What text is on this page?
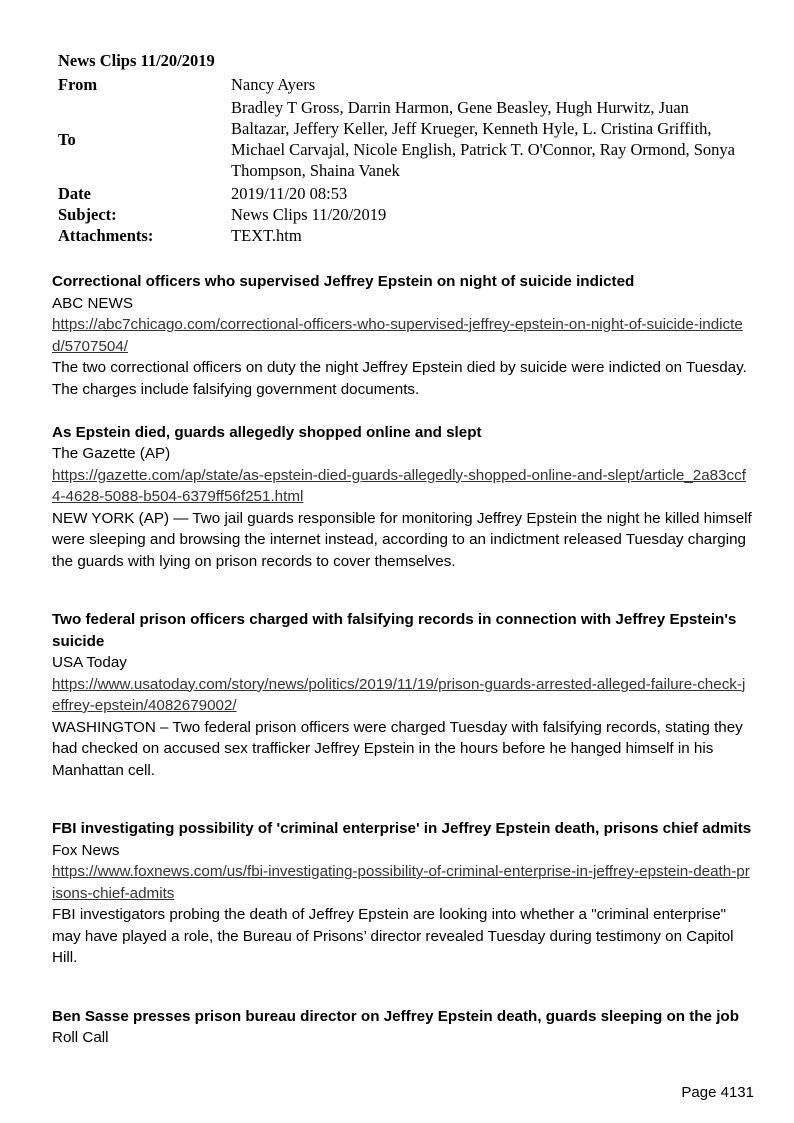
News Clips 11/20/2019
From	Nancy Ayers
To
Bradley T Gross, Darrin Harmon, Gene Beasley, Hugh Hurwitz, Juan Baltazar, Jeffery Keller, Jeff Krueger, Kenneth Hyle, L. Cristina Griffith, Michael Carvajal, Nicole English, Patrick T. O'Connor, Ray Ormond, Sonya Thompson, Shaina Vanek
Date	2019/11/20 08:53
Subject:	News Clips 11/20/2019
Attachments:	TEXT.htm
Correctional officers who supervised Jeffrey Epstein on night of suicide indicted
ABC NEWS
https://abc7chicago.com/correctional-officers-who-supervised-jeffrey-epstein-on-night-of-suicide-indicted/5707504/
The two correctional officers on duty the night Jeffrey Epstein died by suicide were indicted on Tuesday. The charges include falsifying government documents.
As Epstein died, guards allegedly shopped online and slept
The Gazette (AP)
https://gazette.com/ap/state/as-epstein-died-guards-allegedly-shopped-online-and-slept/article_2a83ccf4-4628-5088-b504-6379ff56f251.html
NEW YORK (AP) — Two jail guards responsible for monitoring Jeffrey Epstein the night he killed himself were sleeping and browsing the internet instead, according to an indictment released Tuesday charging the guards with lying on prison records to cover themselves.
Two federal prison officers charged with falsifying records in connection with Jeffrey Epstein's suicide
USA Today
https://www.usatoday.com/story/news/politics/2019/11/19/prison-guards-arrested-alleged-failure-check-jeffrey-epstein/4082679002/
WASHINGTON – Two federal prison officers were charged Tuesday with falsifying records, stating they had checked on accused sex trafficker Jeffrey Epstein in the hours before he hanged himself in his Manhattan cell.
FBI investigating possibility of 'criminal enterprise' in Jeffrey Epstein death, prisons chief admits
Fox News
https://www.foxnews.com/us/fbi-investigating-possibility-of-criminal-enterprise-in-jeffrey-epstein-death-prisons-chief-admits
FBI investigators probing the death of Jeffrey Epstein are looking into whether a "criminal enterprise" may have played a role, the Bureau of Prisons’ director revealed Tuesday during testimony on Capitol Hill.
Ben Sasse presses prison bureau director on Jeffrey Epstein death, guards sleeping on the job
Roll Call
Page 4131
